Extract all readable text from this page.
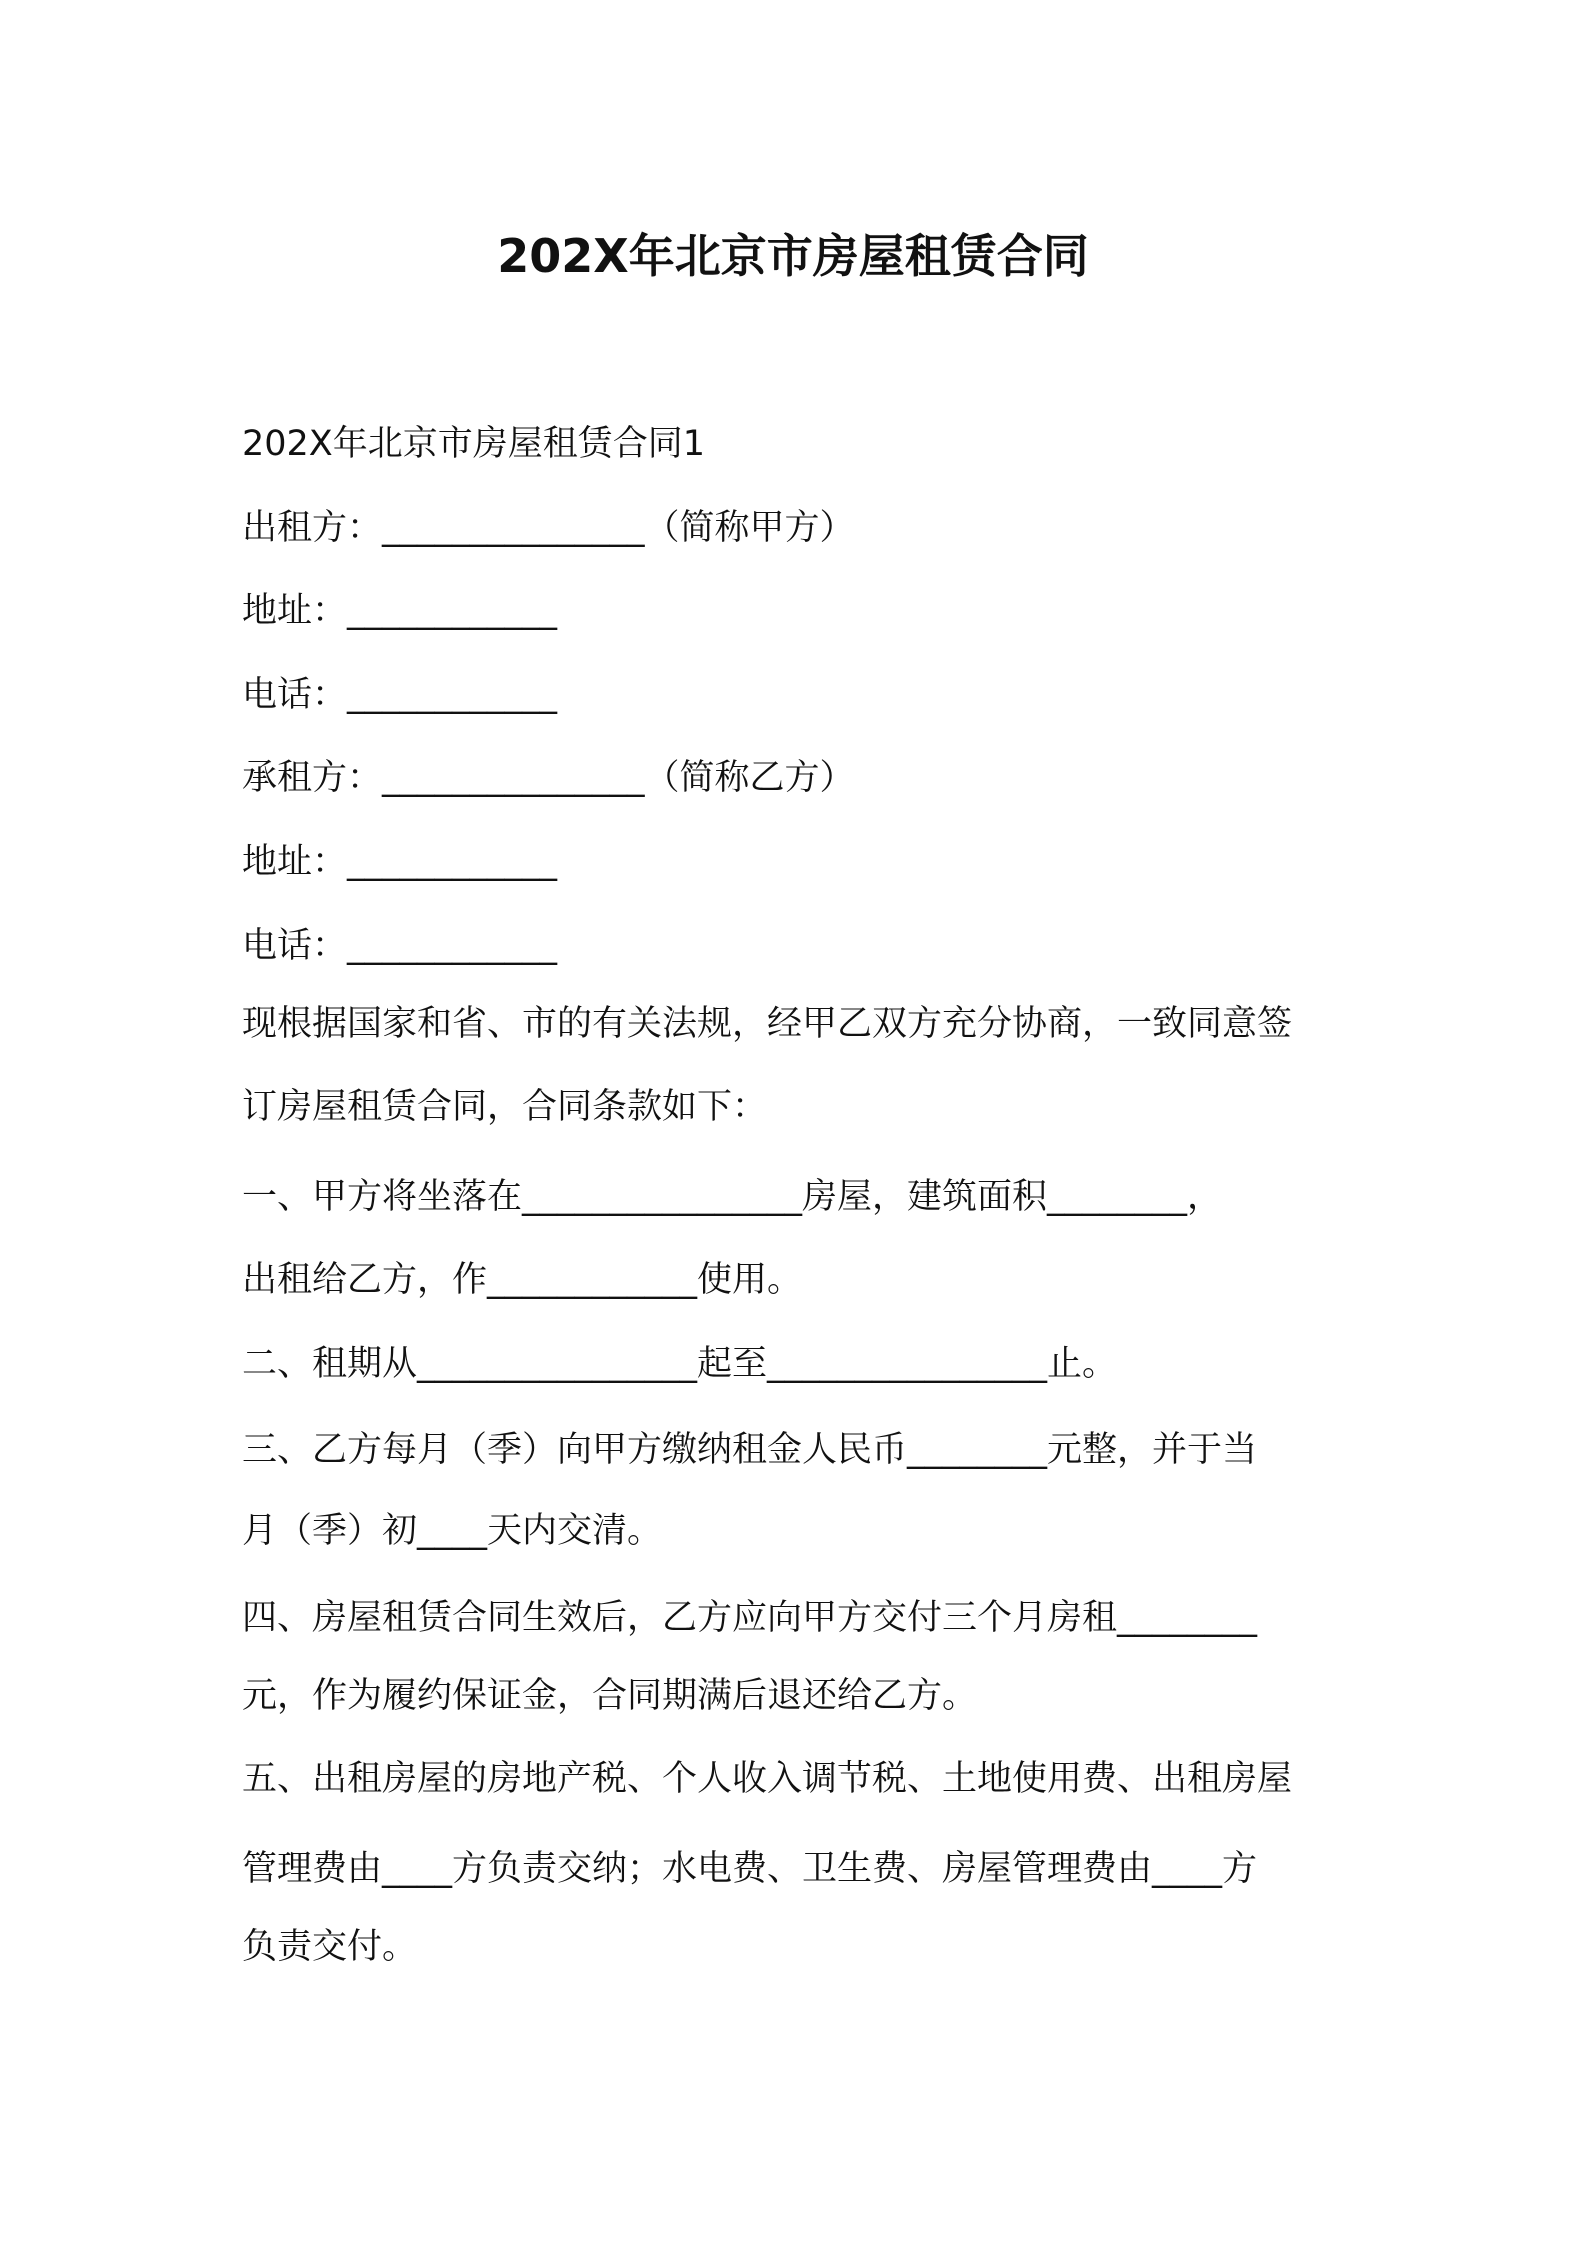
202X年北京市房屋租赁合同
202X年北京市房屋租赁合同1
出租方：_______________（简称甲方）
地址：____________
电话：____________
承租方：_______________（简称乙方）
地址：____________
电话：____________
现根据国家和省、市的有关法规，经甲乙双方充分协商，一致同意签
订房屋租赁合同，合同条款如下：
一、甲方将坐落在________________房屋，建筑面积________，
出租给乙方，作____________使用。
二、租期从________________起至________________止。
三、乙方每月（季）向甲方缴纳租金人民币________元整，并于当
月（季）初____天内交清。
四、房屋租赁合同生效后，乙方应向甲方交付三个月房租________
元，作为履约保证金，合同期满后退还给乙方。
五、出租房屋的房地产税、个人收入调节税、土地使用费、出租房屋
管理费由____方负责交纳；水电费、卫生费、房屋管理费由____方
负责交付。
